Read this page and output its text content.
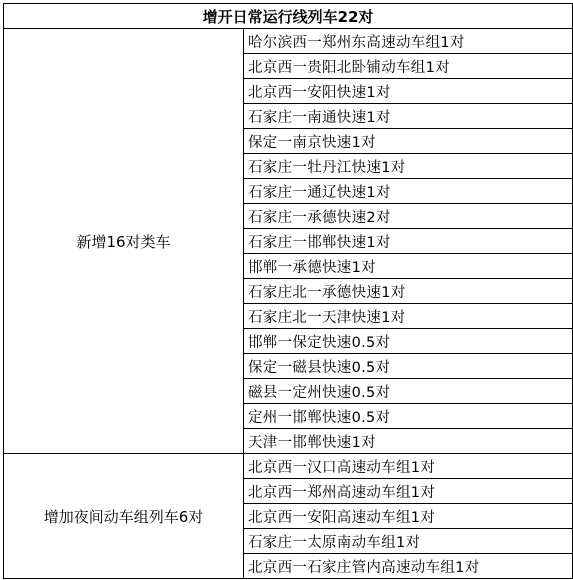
增开日常运行线列车22对	
新增16对类车	哈尔滨西一郑州东高速动车组1对
	北京西一贵阳北卧铺动车组1对
	北京西一安阳快速1对
	石家庄一南通快速1对
	保定一南京快速1对
	石家庄一牡丹江快速1对
	石家庄一通辽快速1对
	石家庄一承德快速2对
	石家庄一邯郸快速1对
	邯郸一承德快速1对
	石家庄北一承德快速1对
	石家庄北一天津快速1对
	邯郸一保定快速0.5对
	保定一磁县快速0.5对
	磁县一定州快速0.5对
	定州一邯郸快速0.5对
	天津一邯郸快速1对
增加夜间动车组列车6对	北京西一汉口高速动车组1对
	北京西一郑州高速动车组1对
	北京西一安阳高速动车组1对
	石家庄一太原南动车组1对
	北京西一石家庄管内高速动车组1对
